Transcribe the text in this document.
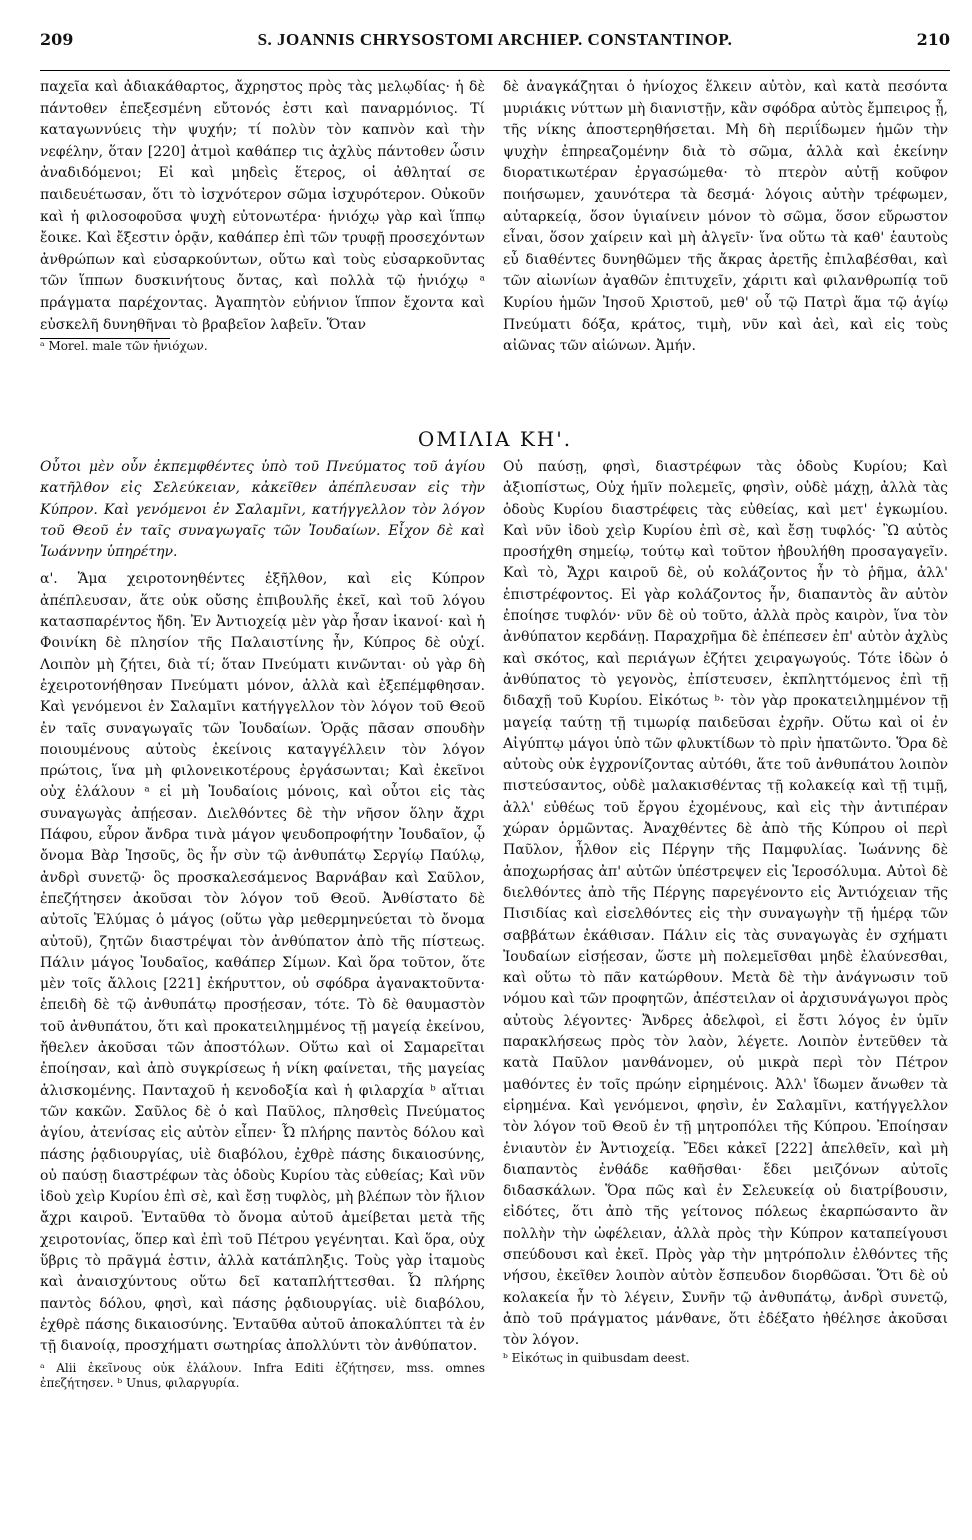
209	S. JOANNIS CHRYSOSTOMI ARCHIEP. CONSTANTINOP.	210

παχεῖα καὶ ἀδιακάθαρτος, ἄχρηστος πρὸς τὰς μελῳδίας· ἡ δὲ πάντοθεν ἐπεξεσμένη εὔτονός ἐστι καὶ παναρμόνιος. Τί καταγωννύεις τὴν ψυχήν; τί πολὺν τὸν καπνὸν καὶ τὴν νεφέλην, ὅταν [220] ἀτμοὶ καθάπερ τις ἀχλὺς πάντοθεν ὦσιν ἀναδιδόμενοι; Εἰ καὶ μηδεὶς ἕτερος, οἱ ἀθληταί σε παιδευέτωσαν, ὅτι τὸ ἰσχνότερον σῶμα ἰσχυρότερον. Οὐκοῦν καὶ ἡ φιλοσοφοῦσα ψυχὴ εὐτονωτέρα· ἡνιόχῳ γὰρ καὶ ἵππῳ ἔοικε. Καὶ ἔξεστιν ὁρᾷν, καθάπερ ἐπὶ τῶν τρυφῇ προσεχόντων ἀνθρώπων καὶ εὐσαρκούντων, οὕτω καὶ τοὺς εὐσαρκοῦντας τῶν ἵππων δυσκινήτους ὄντας, καὶ πολλὰ τῷ ἡνιόχῳ ᵃ πράγματα παρέχοντας. Ἀγαπητὸν εὐήνιον ἵππον ἔχοντα καὶ εὐσκελῆ δυνηθῆναι τὸ βραβεῖον λαβεῖν. Ὅταν

ᵃ Morel. male τῶν ἡνιόχων.

δὲ ἀναγκάζηται ὁ ἡνίοχος ἕλκειν αὐτὸν, καὶ κατὰ πεσόντα μυριάκις νύττων μὴ διανιστῇν, κἂν σφόδρα αὐτὸς ἔμπειρος ᾖ, τῆς νίκης ἀποστερηθήσεται. Μὴ δὴ περιΐδωμεν ἡμῶν τὴν ψυχὴν ἐπηρεαζομένην διὰ τὸ σῶμα, ἀλλὰ καὶ ἐκείνην διορατικωτέραν ἐργασώμεθα· τὸ πτερὸν αὐτῇ κοῦφον ποιήσωμεν, χαυνότερα τὰ δεσμά· λόγοις αὐτὴν τρέφωμεν, αὐταρκείᾳ, ὅσον ὑγιαίνειν μόνον τὸ σῶμα, ὅσον εὔρωστον εἶναι, ὅσον χαίρειν καὶ μὴ ἀλγεῖν· ἵνα οὕτω τὰ καθ' ἑαυτοὺς εὖ διαθέντες δυνηθῶμεν τῆς ἄκρας ἀρετῆς ἐπιλαβέσθαι, καὶ τῶν αἰωνίων ἀγαθῶν ἐπιτυχεῖν, χάριτι καὶ φιλανθρωπίᾳ τοῦ Κυρίου ἡμῶν Ἰησοῦ Χριστοῦ, μεθ' οὗ τῷ Πατρὶ ἅμα τῷ ἁγίῳ Πνεύματι δόξα, κράτος, τιμὴ, νῦν καὶ ἀεὶ, καὶ εἰς τοὺς αἰῶνας τῶν αἰώνων. Ἀμήν.

ΟΜΙΛΙΑ ΚΗ'.

Οὗτοι μὲν οὖν ἐκπεμφθέντες ὑπὸ τοῦ Πνεύματος τοῦ ἁγίου κατῆλθον εἰς Σελεύκειαν, κἀκεῖθεν ἀπέπλευσαν εἰς τὴν Κύπρον. Καὶ γενόμενοι ἐν Σαλαμῖνι, κατήγγελλον τὸν λόγον τοῦ Θεοῦ ἐν ταῖς συναγωγαῖς τῶν Ἰουδαίων. Εἶχον δὲ καὶ Ἰωάννην ὑπηρέτην.

α'. Ἅμα χειροτονηθέντες ἐξῆλθον, καὶ εἰς Κύπρον ἀπέπλευσαν, ἅτε οὐκ οὔσης ἐπιβουλῆς ἐκεῖ, καὶ τοῦ λόγου κατασπαρέντος ἤδη. Ἐν Ἀντιοχείᾳ μὲν γὰρ ἦσαν ἱκανοί· καὶ ἡ Φοινίκη δὲ πλησίον τῆς Παλαιστίνης ἦν, Κύπρος δὲ οὐχί. Λοιπὸν μὴ ζήτει, διὰ τί; ὅταν Πνεύματι κινῶνται· οὐ γὰρ δὴ ἐχειροτονήθησαν Πνεύματι μόνον, ἀλλὰ καὶ ἐξεπέμφθησαν. Καὶ γενόμενοι ἐν Σαλαμῖνι κατήγγελλον τὸν λόγον τοῦ Θεοῦ ἐν ταῖς συναγωγαῖς τῶν Ἰουδαίων. Ὁρᾷς πᾶσαν σπουδὴν ποιουμένους αὐτοὺς ἐκείνοις καταγγέλλειν τὸν λόγον πρώτοις, ἵνα μὴ φιλονεικοτέρους ἐργάσωνται; Καὶ ἐκεῖνοι οὐχ ἐλάλουν ᵃ εἰ μὴ Ἰουδαίοις μόνοις, καὶ οὗτοι εἰς τὰς συναγωγὰς ἀπῄεσαν. Διελθόντες δὲ τὴν νῆσον ὅλην ἄχρι Πάφου, εὗρον ἄνδρα τινὰ μάγον ψευδοπροφήτην Ἰουδαῖον, ᾧ ὄνομα Βὰρ Ἰησοῦς, ὃς ἦν σὺν τῷ ἀνθυπάτῳ Σεργίῳ Παύλῳ, ἀνδρὶ συνετῷ· ὃς προσκαλεσάμενος Βαρνάβαν καὶ Σαῦλον, ἐπεζήτησεν ἀκοῦσαι τὸν λόγον τοῦ Θεοῦ. Ἀνθίστατο δὲ αὐτοῖς Ἐλύμας ὁ μάγος (οὕτω γὰρ μεθερμηνεύεται τὸ ὄνομα αὐτοῦ), ζητῶν διαστρέψαι τὸν ἀνθύπατον ἀπὸ τῆς πίστεως. Πάλιν μάγος Ἰουδαῖος, καθάπερ Σίμων. Καὶ ὅρα τοῦτον, ὅτε μὲν τοῖς ἄλλοις [221] ἐκήρυττον, οὐ σφόδρα ἀγανακτοῦντα· ἐπειδὴ δὲ τῷ ἀνθυπάτῳ προσῄεσαν, τότε. Τὸ δὲ θαυμαστὸν τοῦ ἀνθυπάτου, ὅτι καὶ προκατειλημμένος τῇ μαγείᾳ ἐκείνου, ἤθελεν ἀκοῦσαι τῶν ἀποστόλων. Οὕτω καὶ οἱ Σαμαρεῖται ἐποίησαν, καὶ ἀπὸ συγκρίσεως ἡ νίκη φαίνεται, τῆς μαγείας ἁλισκομένης. Πανταχοῦ ἡ κενοδοξία καὶ ἡ φιλαρχία ᵇ αἴτιαι τῶν κακῶν. Σαῦλος δὲ ὁ καὶ Παῦλος, πλησθεὶς Πνεύματος ἁγίου, ἀτενίσας εἰς αὐτὸν εἶπεν· Ὦ πλήρης παντὸς δόλου καὶ πάσης ῥᾳδιουργίας, υἱὲ διαβόλου, ἐχθρὲ πάσης δικαιοσύνης, οὐ παύσῃ διαστρέφων τὰς ὁδοὺς Κυρίου τὰς εὐθείας; Καὶ νῦν ἰδοὺ χεὶρ Κυρίου ἐπὶ σὲ, καὶ ἔσῃ τυφλὸς, μὴ βλέπων τὸν ἥλιον ἄχρι καιροῦ. Ἐνταῦθα τὸ ὄνομα αὐτοῦ ἀμείβεται μετὰ τῆς χειροτονίας, ὅπερ καὶ ἐπὶ τοῦ Πέτρου γεγένηται. Καὶ ὅρα, οὐχ ὕβρις τὸ πρᾶγμά ἐστιν, ἀλλὰ κατάπληξις. Τοὺς γὰρ ἰταμοὺς καὶ ἀναισχύντους οὕτω δεῖ καταπλήττεσθαι. Ὦ πλήρης παντὸς δόλου, φησὶ, καὶ πάσης ῥᾳδιουργίας. υἱὲ διαβόλου, ἐχθρὲ πάσης δικαιοσύνης. Ἐνταῦθα αὐτοῦ ἀποκαλύπτει τὰ ἐν τῇ διανοίᾳ, προσχήματι σωτηρίας ἀπολλύντι τὸν ἀνθύπατον.

ᵃ Alii ἐκεῖνους οὐκ ἐλάλουν. Infra Editi ἐζήτησεν, mss. omnes ἐπεζήτησεν. ᵇ Unus, φιλαργυρία.

Οὐ παύσῃ, φησὶ, διαστρέφων τὰς ὁδοὺς Κυρίου; Καὶ ἀξιοπίστως, Οὐχ ἡμῖν πολεμεῖς, φησὶν, οὐδὲ μάχῃ, ἀλλὰ τὰς ὁδοὺς Κυρίου διαστρέφεις τὰς εὐθείας, καὶ μετ' ἐγκωμίου. Καὶ νῦν ἰδοὺ χεὶρ Κυρίου ἐπὶ σὲ, καὶ ἔσῃ τυφλός· Ὢ αὐτὸς προσήχθη σημείῳ, τούτῳ καὶ τοῦτον ἠβουλήθη προσαγαγεῖν. Καὶ τὸ, Ἄχρι καιροῦ δὲ, οὐ κολάζοντος ἦν τὸ ῥῆμα, ἀλλ' ἐπιστρέφοντος. Εἰ γὰρ κολάζοντος ἦν, διαπαντὸς ἂν αὐτὸν ἐποίησε τυφλόν· νῦν δὲ οὐ τοῦτο, ἀλλὰ πρὸς καιρὸν, ἵνα τὸν ἀνθύπατον κερδάνῃ. Παραχρῆμα δὲ ἐπέπεσεν ἐπ' αὐτὸν ἀχλὺς καὶ σκότος, καὶ περιάγων ἐζήτει χειραγωγούς. Τότε ἰδὼν ὁ ἀνθύπατος τὸ γεγονὸς, ἐπίστευσεν, ἐκπληττόμενος ἐπὶ τῇ διδαχῇ τοῦ Κυρίου. Εἰκότως ᵇ· τὸν γὰρ προκατειλημμένον τῇ μαγείᾳ ταύτῃ τῇ τιμωρίᾳ παιδεῦσαι ἐχρῆν. Οὕτω καὶ οἱ ἐν Αἰγύπτῳ μάγοι ὑπὸ τῶν φλυκτίδων τὸ πρὶν ἠπατῶντο. Ὅρα δὲ αὐτοὺς οὐκ ἐγχρονίζοντας αὐτόθι, ἅτε τοῦ ἀνθυπάτου λοιπὸν πιστεύσαντος, οὐδὲ μαλακισθέντας τῇ κολακείᾳ καὶ τῇ τιμῇ, ἀλλ' εὐθέως τοῦ ἔργου ἐχομένους, καὶ εἰς τὴν ἀντιπέραν χώραν ὁρμῶντας. Ἀναχθέντες δὲ ἀπὸ τῆς Κύπρου οἱ περὶ Παῦλον, ἦλθον εἰς Πέργην τῆς Παμφυλίας. Ἰωάννης δὲ ἀποχωρήσας ἀπ' αὐτῶν ὑπέστρεψεν εἰς Ἱεροσόλυμα. Αὐτοὶ δὲ διελθόντες ἀπὸ τῆς Πέργης παρεγένοντο εἰς Ἀντιόχειαν τῆς Πισιδίας καὶ εἰσελθόντες εἰς τὴν συναγωγὴν τῇ ἡμέρᾳ τῶν σαββάτων ἐκάθισαν. Πάλιν εἰς τὰς συναγωγὰς ἐν σχήματι Ἰουδαίων εἰσῄεσαν, ὥστε μὴ πολεμεῖσθαι μηδὲ ἐλαύνεσθαι, καὶ οὕτω τὸ πᾶν κατώρθουν. Μετὰ δὲ τὴν ἀνάγνωσιν τοῦ νόμου καὶ τῶν προφητῶν, ἀπέστειλαν οἱ ἀρχισυνάγωγοι πρὸς αὐτοὺς λέγοντες· Ἄνδρες ἀδελφοὶ, εἰ ἔστι λόγος ἐν ὑμῖν παρακλήσεως πρὸς τὸν λαὸν, λέγετε. Λοιπὸν ἐντεῦθεν τὰ κατὰ Παῦλον μανθάνομεν, οὐ μικρὰ περὶ τὸν Πέτρον μαθόντες ἐν τοῖς πρώην εἰρημένοις. Ἀλλ' ἴδωμεν ἄνωθεν τὰ εἰρημένα. Καὶ γενόμενοι, φησὶν, ἐν Σαλαμῖνι, κατήγγελλον τὸν λόγον τοῦ Θεοῦ ἐν τῇ μητροπόλει τῆς Κύπρου. Ἐποίησαν ἐνιαυτὸν ἐν Ἀντιοχείᾳ. Ἔδει κἀκεῖ [222] ἀπελθεῖν, καὶ μὴ διαπαντὸς ἐνθάδε καθῆσθαι· ἔδει μειζόνων αὐτοῖς διδασκάλων. Ὅρα πῶς καὶ ἐν Σελευκείᾳ οὐ διατρίβουσιν, εἰδότες, ὅτι ἀπὸ τῆς γείτονος πόλεως ἐκαρπώσαντο ἂν πολλὴν τὴν ὠφέλειαν, ἀλλὰ πρὸς τὴν Κύπρον καταπείγουσι σπεύδουσι καὶ ἐκεῖ. Πρὸς γὰρ τὴν μητρόπολιν ἐλθόντες τῆς νήσου, ἐκεῖθεν λοιπὸν αὐτὸν ἔσπευδον διορθῶσαι. Ὅτι δὲ οὐ κολακεία ἦν τὸ λέγειν, Συνῆν τῷ ἀνθυπάτῳ, ἀνδρὶ συνετῷ, ἀπὸ τοῦ πράγματος μάνθανε, ὅτι ἐδέξατο ἠθέλησε ἀκοῦσαι τὸν λόγον.

ᵇ Εἰκότως in quibusdam deest.
